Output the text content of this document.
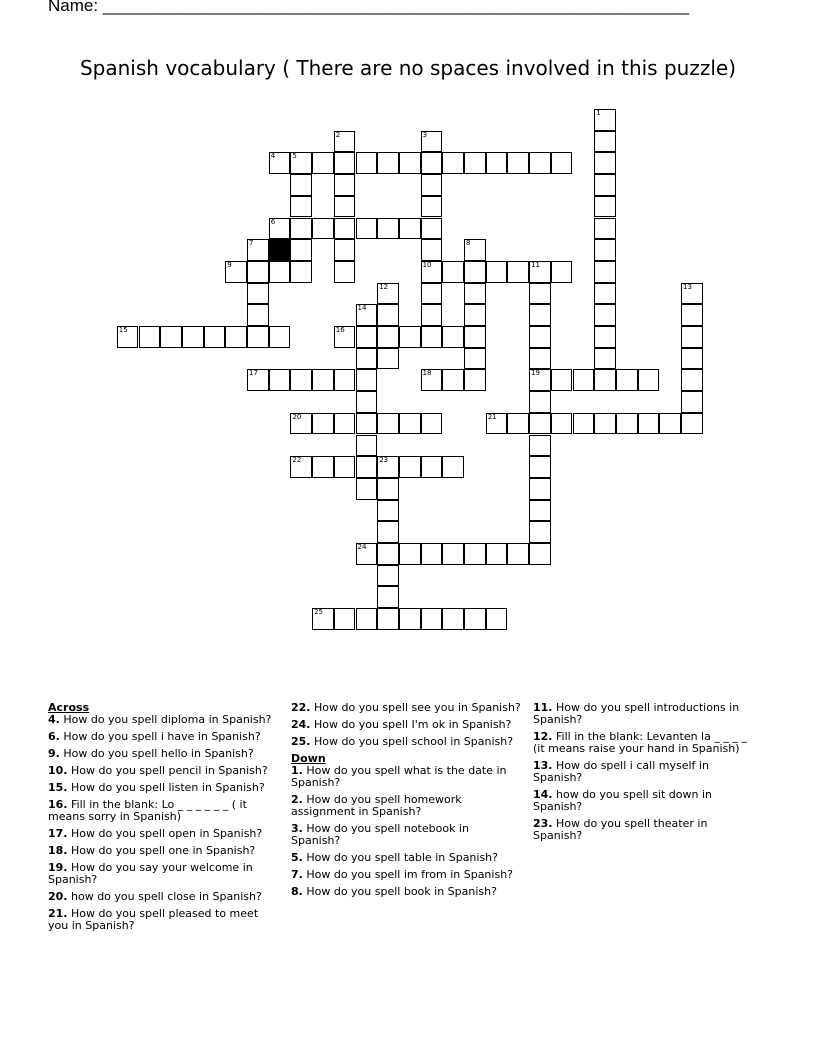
Name: ______________________________________________________________
Spanish vocabulary ( There are no spaces involved in this puzzle)
1
2	3
10
4 5
6
7	8
9	11
19
12	13
14
15	16
17	18
20	21
22	23
24
25
Across
4. How do you spell diploma in Spanish?
6. How do you spell i have in Spanish?
9. How do you spell hello in Spanish?
10. How do you spell pencil in Spanish?
15. How do you spell listen in Spanish?
16. Fill in the blank: Lo _ _ _ _ _ _ ( it means sorry in Spanish)
17. How do you spell open in Spanish?
18. How do you spell one in Spanish?
19. How do you say your welcome in Spanish?
20. how do you spell close in Spanish?
21. How do you spell pleased to meet you in Spanish?
22. How do you spell see you in Spanish?
24. How do you spell I'm ok in Spanish?
25. How do you spell school in Spanish?
Down
1. How do you spell what is the date in Spanish?
2. How do you spell homework assignment in Spanish?
3. How do you spell notebook in Spanish?
5. How do you spell table in Spanish?
7. How do you spell im from in Spanish?
8. How do you spell book in Spanish?
11. How do you spell introductions in Spanish?
12. Fill in the blank: Levanten la _ _ _ _ (it means raise your hand in Spanish)
13. How do spell i call myself in Spanish?
14. how do you spell sit down in Spanish?
23. How do you spell theater in Spanish?
